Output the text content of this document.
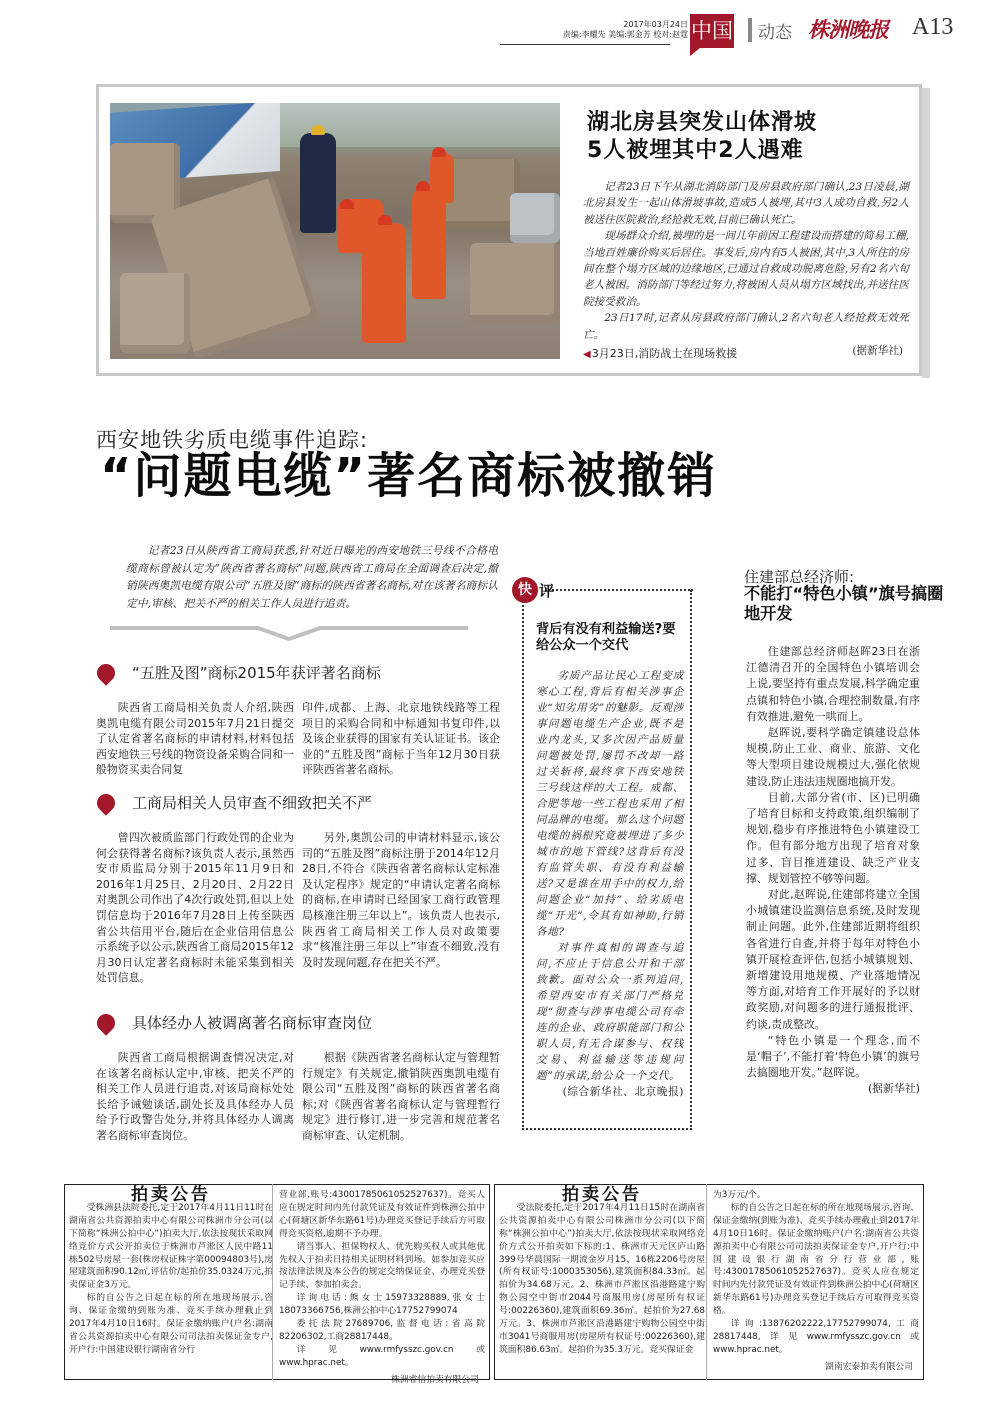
2017年03月24日
责编:李耀先 美编:郭金芳 校对:赵霆 中国 动态 株洲晚报 A13
湖北房县突发山体滑坡
5人被埋其中2人遇难

记者23日下午从湖北消防部门及房县政府部门确认,23日凌晨,湖北房县发生一起山体滑坡事故,造成5人被埋,其中3人成功自救,另2人被送往医院救治,经抢救无效,目前已确认死亡。

现场群众介绍,被埋的是一间几年前因工程建设而搭建的简易工棚,当地百姓廉价购买后居住。事发后,房内有5人被困,其中,3人所住的房间在整个塌方区域的边缘地区,已通过自救成功脱离危险,另有2名六旬老人被困。消防部门等经过努力,将被困人员从塌方区域找出,并送往医院接受救治。

23日17时,记者从房县政府部门确认,2名六旬老人经抢救无效死亡。

(据新华社)
◀3月23日,消防战士在现场救援
西安地铁劣质电缆事件追踪:
“问题电缆”著名商标被撤销

记者23日从陕西省工商局获悉,针对近日曝光的西安地铁三号线不合格电缆商标曾被认定为“陕西省著名商标”问题,陕西省工商局在全面调查后决定,撤销陕西奥凯电缆有限公司“五胜及图”商标的陕西省著名商标,对在该著名商标认定中,审核、把关不严的相关工作人员进行追责。

“五胜及图”商标2015年获评著名商标

陕西省工商局相关负责人介绍,陕西奥凯电缆有限公司2015年7月21日提交了认定省著名商标的申请材料,材料包括西安地铁三号线的物资设备采购合同和一般物资买卖合同复

印件,成都、上海、北京地铁线路等工程项目的采购合同和中标通知书复印件,以及该企业获得的国家有关认证证书。该企业的“五胜及图”商标于当年12月30日获评陕西省著名商标。

工商局相关人员审查不细致把关不严

曾四次被质监部门行政处罚的企业为何会获得著名商标?该负责人表示,虽然西安市质监局分别于2015年11月9日和2016年1月25日、2月20日、2月22日对奥凯公司作出了4次行政处罚,但以上处罚信息均于2016年7月28日上传至陕西省公共信用平台,随后在企业信用信息公示系统予以公示,陕西省工商局2015年12月30日认定著名商标时未能采集到相关处罚信息。

另外,奥凯公司的申请材料显示,该公司的“五胜及图”商标注册于2014年12月28日,不符合《陕西省著名商标认定标准及认定程序》规定的“申请认定著名商标的商标,在申请时已经国家工商行政管理局核准注册三年以上”。该负责人也表示,陕西省工商局相关工作人员对政策要求“核准注册三年以上”审查不细致,没有及时发现问题,存在把关不严。

具体经办人被调离著名商标审查岗位

陕西省工商局根据调查情况决定,对在该著名商标认定中,审核、把关不严的相关工作人员进行追责,对该局商标处处长给予诫勉谈话,副处长及具体经办人员给予行政警告处分,并将具体经办人调离著名商标审查岗位。

根据《陕西省著名商标认定与管理暂行规定》有关规定,撤销陕西奥凯电缆有限公司“五胜及图”商标的陕西省著名商标;对《陕西省著名商标认定与管理暂行规定》进行修订,进一步完善和规范著名商标审查、认定机制。

快 评
背后有没有利益输送?要给公众一个交代

劣质产品让民心工程变成寒心工程,背后有相关涉事企业“知劣用劣”的魅影。反观涉事问题电缆生产企业,既不是业内龙头,又多次因产品质量问题被处罚,屡罚不改却一路过关斩将,最终拿下西安地铁三号线这样的大工程。成都、合肥等地一些工程也采用了相同品牌的电缆。那么这个问题电缆的祸根究竟被埋进了多少城市的地下管线?这背后有没有监管失职、有没有利益输送?又是谁在用手中的权力,给问题企业“加持”、给劣质电缆“开光”,令其有如神助,行销各地?

对事件真相的调查与追问,不应止于信息公开和干部致歉。面对公众一系列追问,希望西安市有关部门严格兑现“彻查与涉事电缆公司有牵连的企业、政府职能部门和公职人员,有无合谋参与、权钱交易、利益输送等违规问题”的承诺,给公众一个交代。

(综合新华社、北京晚报)
住建部总经济师:
不能打“特色小镇”旗号搞圈地开发

住建部总经济师赵晖23日在浙江德清召开的全国特色小镇培训会上说,要坚持有重点发展,科学确定重点镇和特色小镇,合理控制数量,有序有效推进,避免一哄而上。

赵晖说,要科学确定镇建设总体规模,防止工业、商业、旅游、文化等大型项目建设规模过大,强化依规建设,防止违法违规圈地搞开发。

目前,大部分省(市、区)已明确了培育目标和支持政策,组织编制了规划,稳步有序推进特色小镇建设工作。但有部分地方出现了培育对象过多、盲目推进建设、缺乏产业支撑、规划管控不够等问题。

对此,赵晖说,住建部将建立全国小城镇建设监测信息系统,及时发现制止问题。此外,住建部近期将组织各省进行自查,并将于每年对特色小镇开展检查评估,包括小城镇规划、新增建设用地规模、产业落地情况等方面,对培育工作开展好的予以财政奖励,对问题多的进行通报批评、约谈,责成整改。

“特色小镇是一个理念,而不是‘帽子’,不能打着‘特色小镇’的旗号去搞圈地开发。”赵晖说。

(据新华社)
拍卖公告

受株洲县法院委托,定于2017年4月11日11时在湖南省公共资源拍卖中心有限公司株洲市分公司(以下简称“株洲公拍中心”)拍卖大厅,依法按现状采取网络竞价方式公开拍卖位于株洲市芦淞区人民中路11栋502号房屋一套(株房权证株字第00094803号),房屋建筑面积90.12㎡,评估价/起拍价35.0324万元,拍卖保证金3万元。

标的自公告之日起在标的所在地现场展示,咨询、保证金缴纳到账为准、竞买手续办理截止到2017年4月10日16时。保证金缴纳账户(户名:湖南省公共资源拍卖中心有限公司司法拍卖保证金专户,开户行:中国建设银行湖南省分行

营业部,账号:43001785061052527637)。竞买人应在规定时间内先付款凭证及有效证件到株洲公拍中心(荷塘区新华东路61号)办理竞买登记手续后方可取得竞买资格,逾期不予办理。

请当事人、担保物权人、优先购买权人或其他优先权人于拍卖日持相关证明材料到场。如参加竞买应按法律法规及本公告的规定交纳保证金、办理竞买登记手续、参加拍卖会。

详询电话:熊女士15973328889,张女士18073366756,株洲公拍中心17752799074

委托法院27689706,监督电话:省高院82206302,工商28817448。

详见www.rmfysszc.gov.cn或www.hprac.net。

株洲睿信拍卖有限公司
拍卖公告

受法院委托,定于2017年4月11日15时在湖南省公共资源拍卖中心有限公司株洲市分公司(以下简称“株洲公拍中心”)拍卖大厅,依法按现状采取网络竞价方式公开拍卖如下标的:1、株洲市天元区庐山路399号华晨国际一期流金岁月15、16栋2206号房屋(所有权证号:1000353056),建筑面积84.33㎡。起拍价为34.68万元。2、株洲市芦淞区沿港路建宁购物公园空中街市2044号商服用房(房屋所有权证号:00226360),建筑面积69.36㎡。起拍价为27.68万元。3、株洲市芦淞区沿港路建宁购物公园空中街市3041号商服用房(房屋所有权证号:00226360),建筑面积86.63㎡。起拍价为35.3万元。竞买保证金

为3万元/个。

标的自公告之日起在标的所在地现场展示,咨询、保证金缴纳(到账为准)、竞买手续办理截止到2017年4月10日16时。保证金缴纳账户(户名:湖南省公共资源拍卖中心有限公司司法拍卖保证金专户,开户行:中国建设银行湖南省分行营业部,账号:43001785061052527637)。竞买人应在规定时间内先付款凭证及有效证件到株洲公拍中心(荷塘区新华东路61号)办理竞买登记手续后方可取得竞买资格。

详询:13876202222,17752799074,工商28817448,详见www.rmfysszc.gov.cn或www.hprac.net。

湖南宏泰拍卖有限公司
